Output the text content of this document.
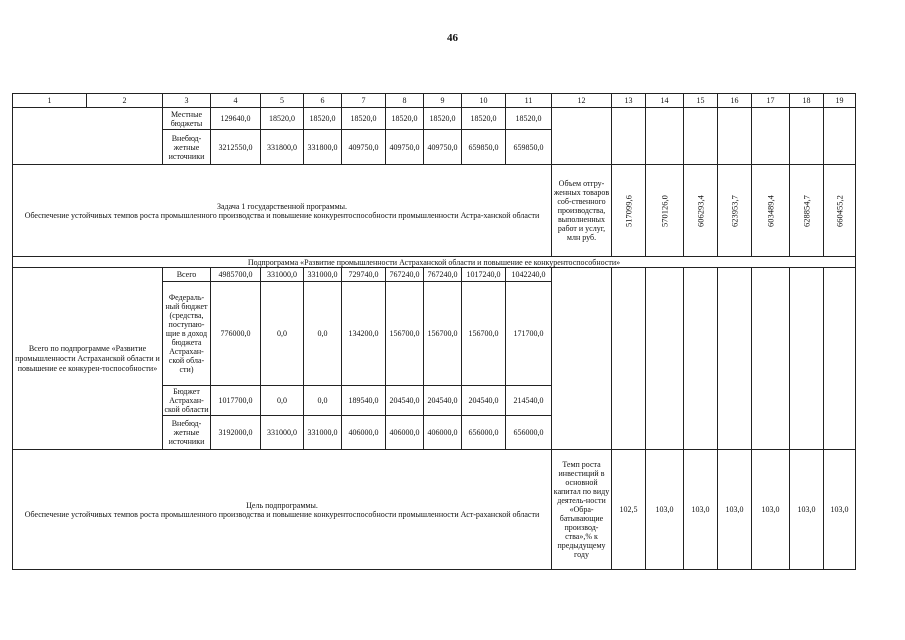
46
1	2	3	4	5	6	7	8	9	10	11	12	13	14	15	16	17	18	19
		Местные бюджеты	129640,0	18520,0	18520,0	18520,0	18520,0	18520,0	18520,0	18520,0								
		Внебюд-жетные источники	3212550,0	331800,0	331800,0	409750,0	409750,0	409750,0	659850,0	659850,0								
Задача 1 государственной программы.
Обеспечение устойчивых темпов роста промышленного производства и повышение конкурентоспособности промышленности Астра-ханской области											Объем отгру-женных товаров соб-ственного производства, выполненных работ и услуг, млн руб.	517099,6	570126,0	606293,4	623953,7	603489,4	628854,7	660455,2

Подпрограмма «Развитие промышленности Астраханской области и повышение ее конкурентоспособности»																		
Всего по подпрограмме «Развитие промышленности Астраханской области и повышение ее конкурен-тоспособности»		Всего	4985700,0	331000,0	331000,0	729740,0	767240,0	767240,0	1017240,0	1042240,0								
		Федераль-ный бюджет (средства, поступаю-щие в доход бюджета Астрахан-ской обла-сти)	776000,0	0,0	0,0	134200,0	156700,0	156700,0	156700,0	171700,0								
		Бюджет Астрахан-ской области	1017700,0	0,0	0,0	189540,0	204540,0	204540,0	204540,0	214540,0								
		Внебюд-жетные источники	3192000,0	331000,0	331000,0	406000,0	406000,0	406000,0	656000,0	656000,0								
Цель подпрограммы.
Обеспечение устойчивых темпов роста промышленного производства и повышение конкурентоспособности промышленности Аст-раханской области											Темп роста инвестиций в основной капитал по виду деятель-ности «Обра-батывающие производ-ства»,% к предыдущему году	102,5	103,0	103,0	103,0	103,0	103,0	103,0
